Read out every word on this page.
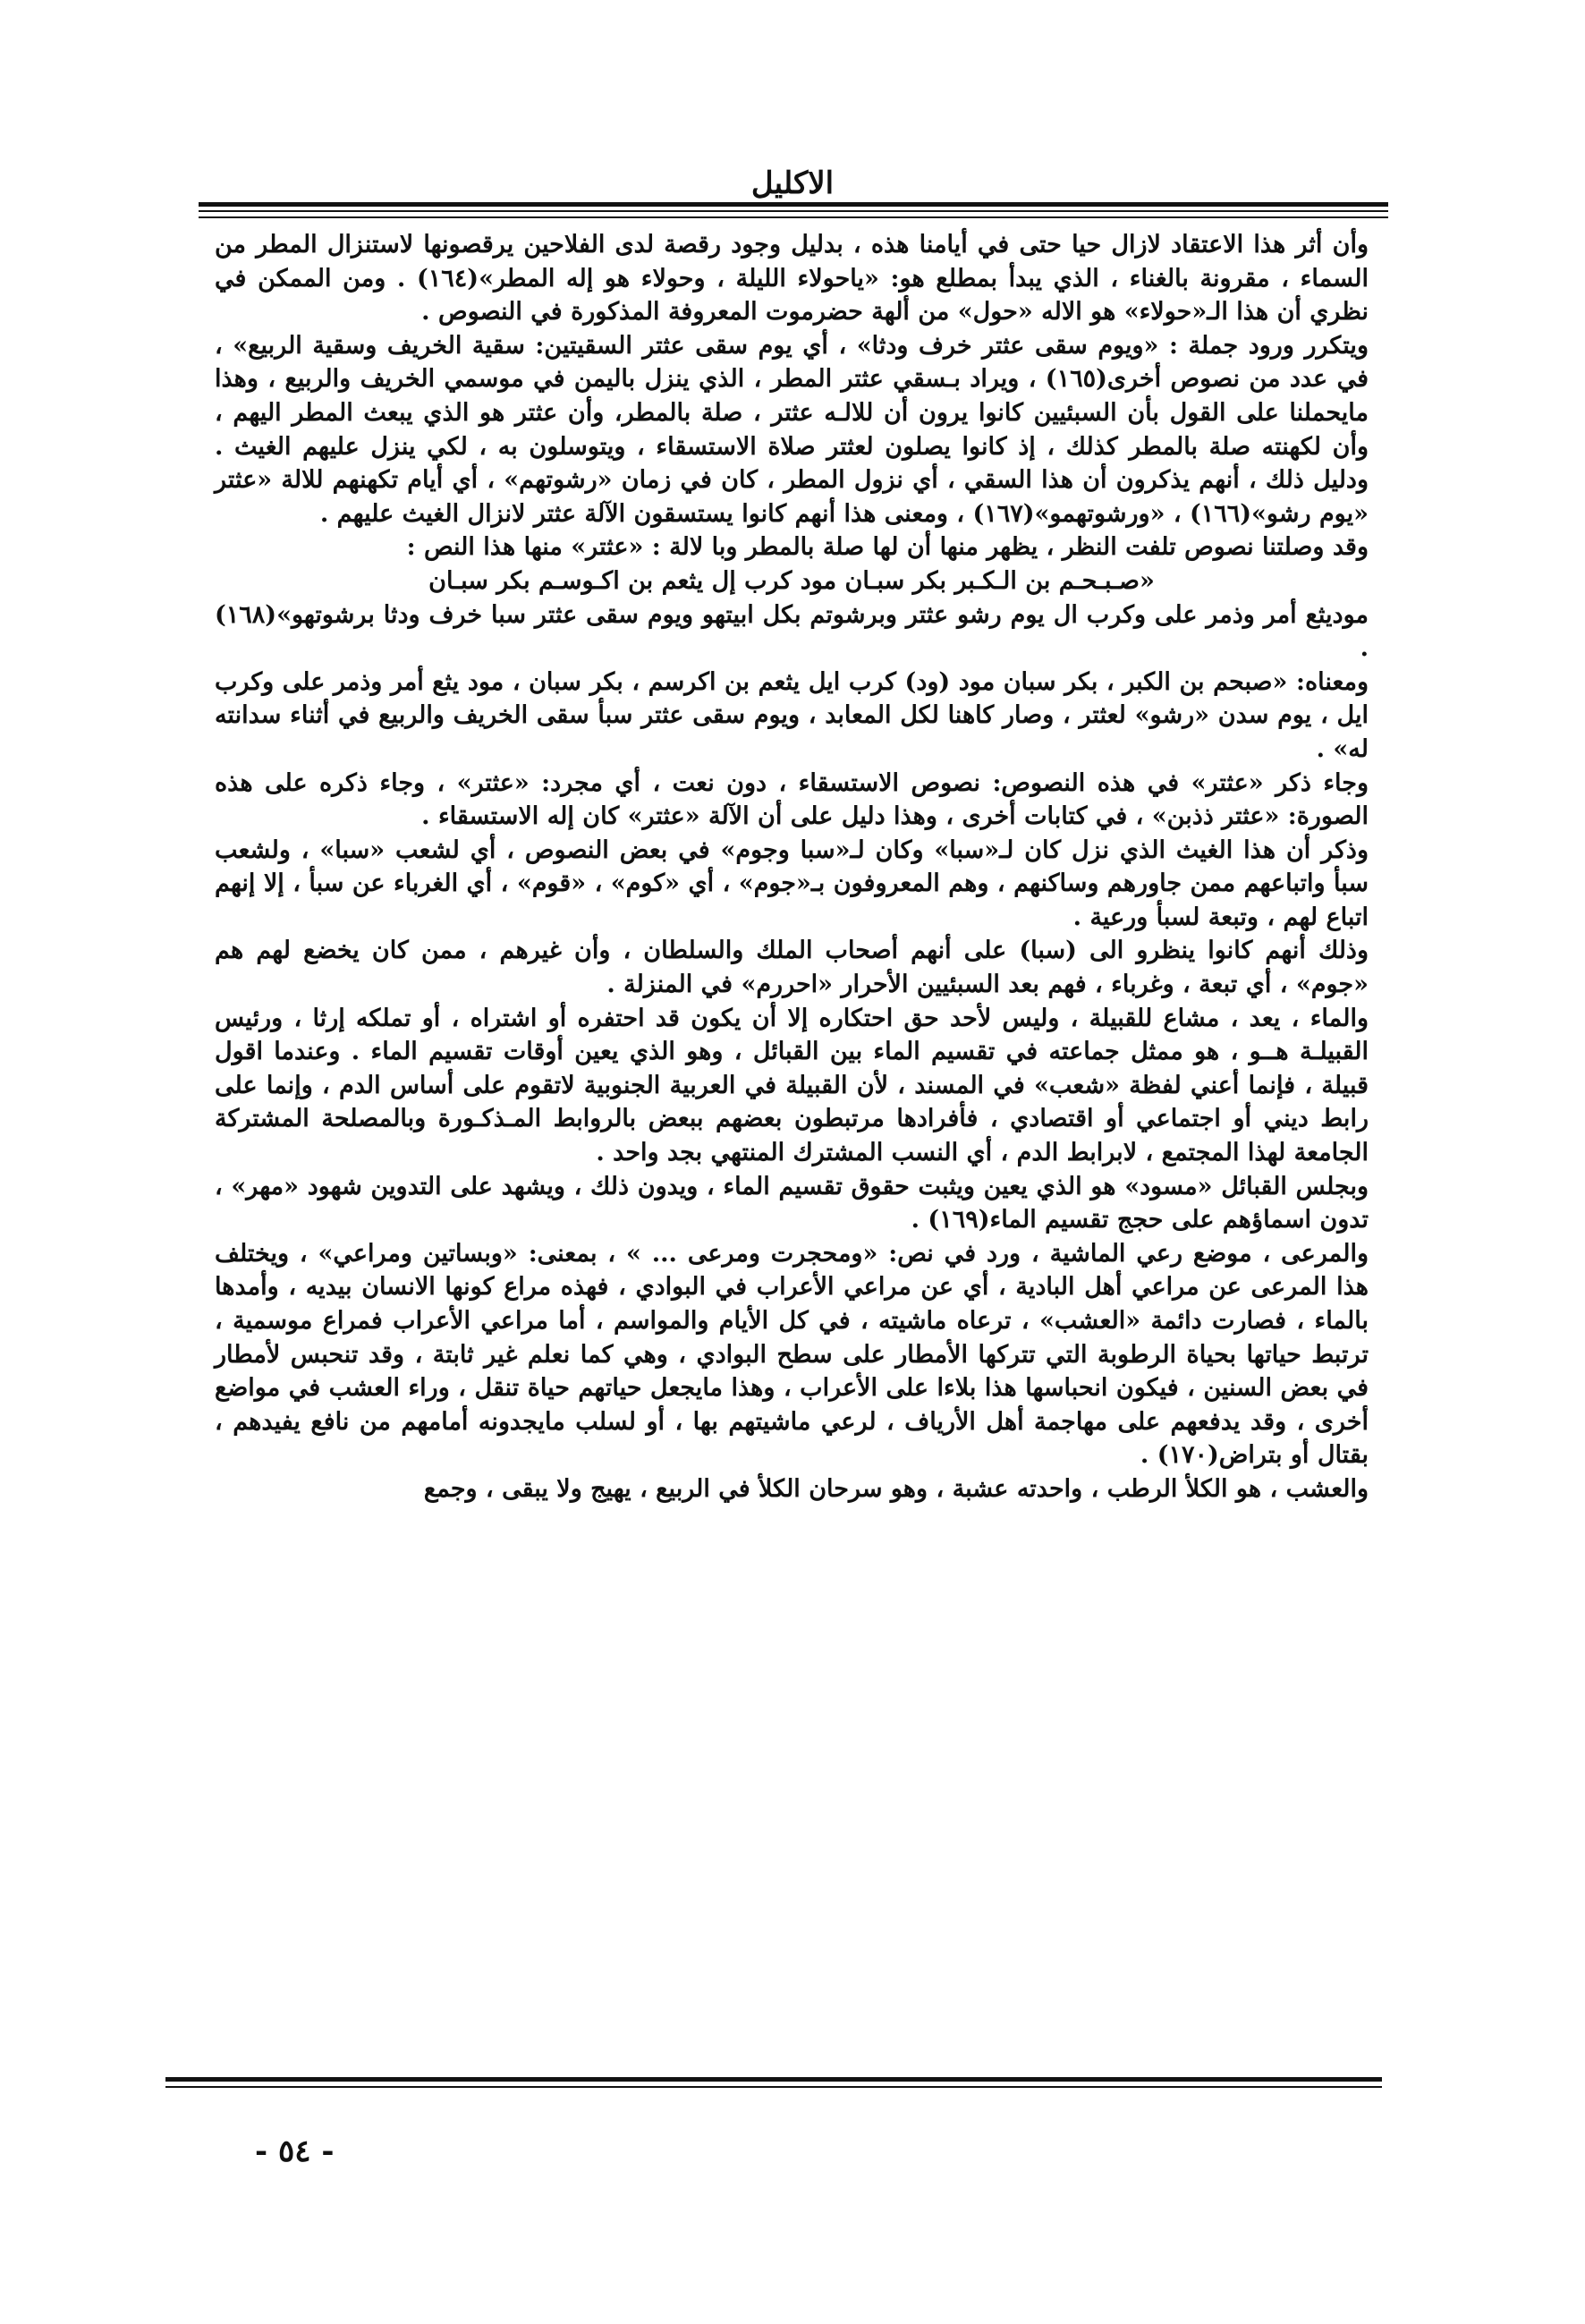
الاكليل

وأن أثر هذا الاعتقاد لازال حيا حتى في أيامنا هذه ، بدليل وجود رقصة لدى الفلاحين يرقصونها لاستنزال المطر من السماء ، مقرونة بالغناء ، الذي يبدأ بمطلع هو: «ياحولاء الليلة ، وحولاء هو إله المطر»(١٦٤) . ومن الممكن في نظري أن هذا الـ«حولاء» هو الاله «حول» من ألهة حضرموت المعروفة المذكورة في النصوص .

ويتكرر ورود جملة : «ويوم سقى عثتر خرف ودثا» ، أي يوم سقى عثتر السقيتين: سقية الخريف وسقية الربيع» ، في عدد من نصوص أخرى(١٦٥) ، ويراد بـسقي عثتر المطر ، الذي ينزل باليمن في موسمي الخريف والربيع ، وهذا مايحملنا على القول بأن السبئيين كانوا يرون أن للالـه عثتر ، صلة بالمطر، وأن عثتر هو الذي يبعث المطر اليهم ، وأن لكهنته صلة بالمطر كذلك ، إذ كانوا يصلون لعثتر صلاة الاستسقاء ، ويتوسلون به ، لكي ينزل عليهم الغيث . ودليل ذلك ، أنهم يذكرون أن هذا السقي ، أي نزول المطر ، كان في زمان «رشوتهم» ، أي أيام تكهنهم للالة «عثتر «يوم رشو»(١٦٦) ، «ورشوتهمو»(١٦٧) ، ومعنى هذا أنهم كانوا يستسقون الآلة عثتر لانزال الغيث عليهم .

وقد وصلتنا نصوص تلفت النظر ، يظهر منها أن لها صلة بالمطر وبا لالة : «عثتر» منها هذا النص :

«صـبـحـم بن الـكـبر بكر سبـان مود كرب إل يثعم بن اكـوسـم بكر سبـان

موديثع أمر وذمر على وكرب ال يوم رشو عثتر وبرشوتم بكل ابيتهو ويوم سقى عثتر سبا خرف ودثا برشوتهو»(١٦٨) .

ومعناه: «صبحم بن الكبر ، بكر سبان مود (ود) كرب ايل يثعم بن اكرسم ، بكر سبان ، مود يثع أمر وذمر على وكرب ايل ، يوم سدن «رشو» لعثتر ، وصار كاهنا لكل المعابد ، ويوم سقى عثتر سبأ سقى الخريف والربيع في أثناء سدانته له» .

وجاء ذكر «عثتر» في هذه النصوص: نصوص الاستسقاء ، دون نعت ، أي مجرد: «عثتر» ، وجاء ذكره على هذه الصورة: «عثتر ذذبن» ، في كتابات أخرى ، وهذا دليل على أن الآلة «عثتر» كان إله الاستسقاء .

وذكر أن هذا الغيث الذي نزل كان لـ«سبا» وكان لـ«سبا وجوم» في بعض النصوص ، أي لشعب «سبا» ، ولشعب سبأ واتباعهم ممن جاورهم وساكنهم ، وهم المعروفون بـ«جوم» ، أي «كوم» ، «قوم» ، أي الغرباء عن سبأ ، إلا إنهم اتباع لهم ، وتبعة لسبأ ورعية .

وذلك أنهم كانوا ينظرو الى (سبا) على أنهم أصحاب الملك والسلطان ، وأن غيرهم ، ممن كان يخضع لهم هم «جوم» ، أي تبعة ، وغرباء ، فهم بعد السبئيين الأحرار «احررم» في المنزلة .

والماء ، يعد ، مشاع للقبيلة ، وليس لأحد حق احتكاره إلا أن يكون قد احتفره أو اشتراه ، أو تملكه إرثا ، ورئيس القبيلـة هــو ، هو ممثل جماعته في تقسيم الماء بين القبائل ، وهو الذي يعين أوقات تقسيم الماء . وعندما اقول قبيلة ، فإنما أعني لفظة «شعب» في المسند ، لأن القبيلة في العربية الجنوبية لاتقوم على أساس الدم ، وإنما على رابط ديني أو اجتماعي أو اقتصادي ، فأفرادها مرتبطون بعضهم ببعض بالروابط المـذكـورة وبالمصلحة المشتركة الجامعة لهذا المجتمع ، لابرابط الدم ، أي النسب المشترك المنتهي بجد واحد .

وبجلس القبائل «مسود» هو الذي يعين ويثبت حقوق تقسيم الماء ، ويدون ذلك ، ويشهد على التدوين شهود «مهر» ، تدون اسماؤهم على حجج تقسيم الماء(١٦٩) .

والمرعى ، موضع رعي الماشية ، ورد في نص: «ومحجرت ومرعى ... » ، بمعنى: «وبساتين ومراعي» ، ويختلف هذا المرعى عن مراعي أهل البادية ، أي عن مراعي الأعراب في البوادي ، فهذه مراع كونها الانسان بيديه ، وأمدها بالماء ، فصارت دائمة «العشب» ، ترعاه ماشيته ، في كل الأيام والمواسم ، أما مراعي الأعراب فمراع موسمية ، ترتبط حياتها بحياة الرطوبة التي تتركها الأمطار على سطح البوادي ، وهي كما نعلم غير ثابتة ، وقد تنحبس لأمطار في بعض السنين ، فيكون انحباسها هذا بلاءا على الأعراب ، وهذا مايجعل حياتهم حياة تنقل ، وراء العشب في مواضع أخرى ، وقد يدفعهم على مهاجمة أهل الأرياف ، لرعي ماشيتهم بها ، أو لسلب مايجدونه أمامهم من نافع يفيدهم ، بقتال أو بتراض(١٧٠) .

والعشب ، هو الكلأ الرطب ، واحدته عشبة ، وهو سرحان الكلأ في الربيع ، يهيج ولا يبقى ، وجمع

- ٥٤ -
